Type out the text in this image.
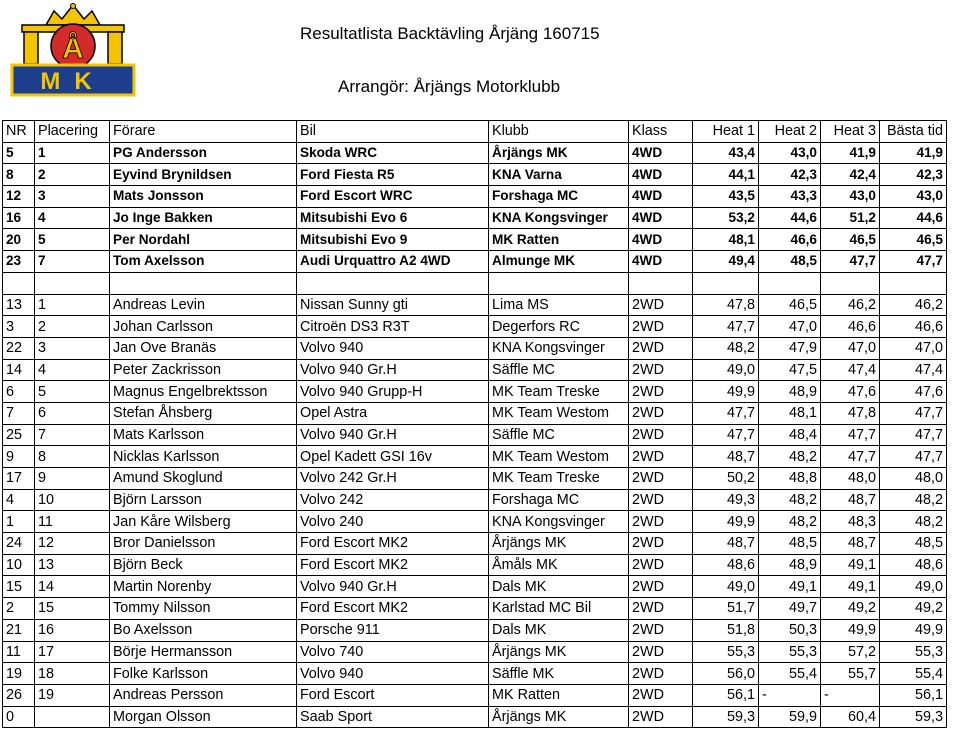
Å
MK
Resultatlista Backtävling Årjäng 160715
Arrangör: Årjängs Motorklubb
NR	Placering	Förare	Bil	Klubb	Klass	Heat 1	Heat 2	Heat 3	Bästa tid
5	1	PG Andersson	Skoda WRC	Årjängs MK	4WD	43,4	43,0	41,9	41,9
8	2	Eyvind Brynildsen	Ford Fiesta R5	KNA Varna	4WD	44,1	42,3	42,4	42,3
12	3	Mats Jonsson	Ford Escort WRC	Forshaga MC	4WD	43,5	43,3	43,0	43,0
16	4	Jo Inge Bakken	Mitsubishi Evo 6	KNA Kongsvinger	4WD	53,2	44,6	51,2	44,6
20	5	Per Nordahl	Mitsubishi Evo 9	MK Ratten	4WD	48,1	46,6	46,5	46,5
23	7	Tom Axelsson	Audi Urquattro A2 4WD	Almunge MK	4WD	49,4	48,5	47,7	47,7

13	1	Andreas Levin	Nissan Sunny gti	Lima MS	2WD	47,8	46,5	46,2	46,2
3	2	Johan Carlsson	Citroën DS3 R3T	Degerfors RC	2WD	47,7	47,0	46,6	46,6
22	3	Jan Ove Branäs	Volvo 940	KNA Kongsvinger	2WD	48,2	47,9	47,0	47,0
14	4	Peter Zackrisson	Volvo 940 Gr.H	Säffle MC	2WD	49,0	47,5	47,4	47,4
6	5	Magnus Engelbrektsson	Volvo 940 Grupp-H	MK Team Treske	2WD	49,9	48,9	47,6	47,6
7	6	Stefan Åhsberg	Opel Astra	MK Team Westom	2WD	47,7	48,1	47,8	47,7
25	7	Mats Karlsson	Volvo 940 Gr.H	Säffle MC	2WD	47,7	48,4	47,7	47,7
9	8	Nicklas Karlsson	Opel Kadett GSI 16v	MK Team Westom	2WD	48,7	48,2	47,7	47,7
17	9	Amund Skoglund	Volvo 242 Gr.H	MK Team Treske	2WD	50,2	48,8	48,0	48,0
4	10	Björn Larsson	Volvo 242	Forshaga MC	2WD	49,3	48,2	48,7	48,2
1	11	Jan Kåre Wilsberg	Volvo 240	KNA Kongsvinger	2WD	49,9	48,2	48,3	48,2
24	12	Bror Danielsson	Ford Escort MK2	Årjängs MK	2WD	48,7	48,5	48,7	48,5
10	13	Björn Beck	Ford Escort MK2	Åmåls MK	2WD	48,6	48,9	49,1	48,6
15	14	Martin Norenby	Volvo 940 Gr.H	Dals MK	2WD	49,0	49,1	49,1	49,0
2	15	Tommy Nilsson	Ford Escort MK2	Karlstad MC Bil	2WD	51,7	49,7	49,2	49,2
21	16	Bo Axelsson	Porsche 911	Dals MK	2WD	51,8	50,3	49,9	49,9
11	17	Börje Hermansson	Volvo 740	Årjängs MK	2WD	55,3	55,3	57,2	55,3
19	18	Folke Karlsson	Volvo 940	Säffle MK	2WD	56,0	55,4	55,7	55,4
26	19	Andreas Persson	Ford Escort	MK Ratten	2WD	56,1	-	-	56,1
0		Morgan Olsson	Saab Sport	Årjängs MK	2WD	59,3	59,9	60,4	59,3
